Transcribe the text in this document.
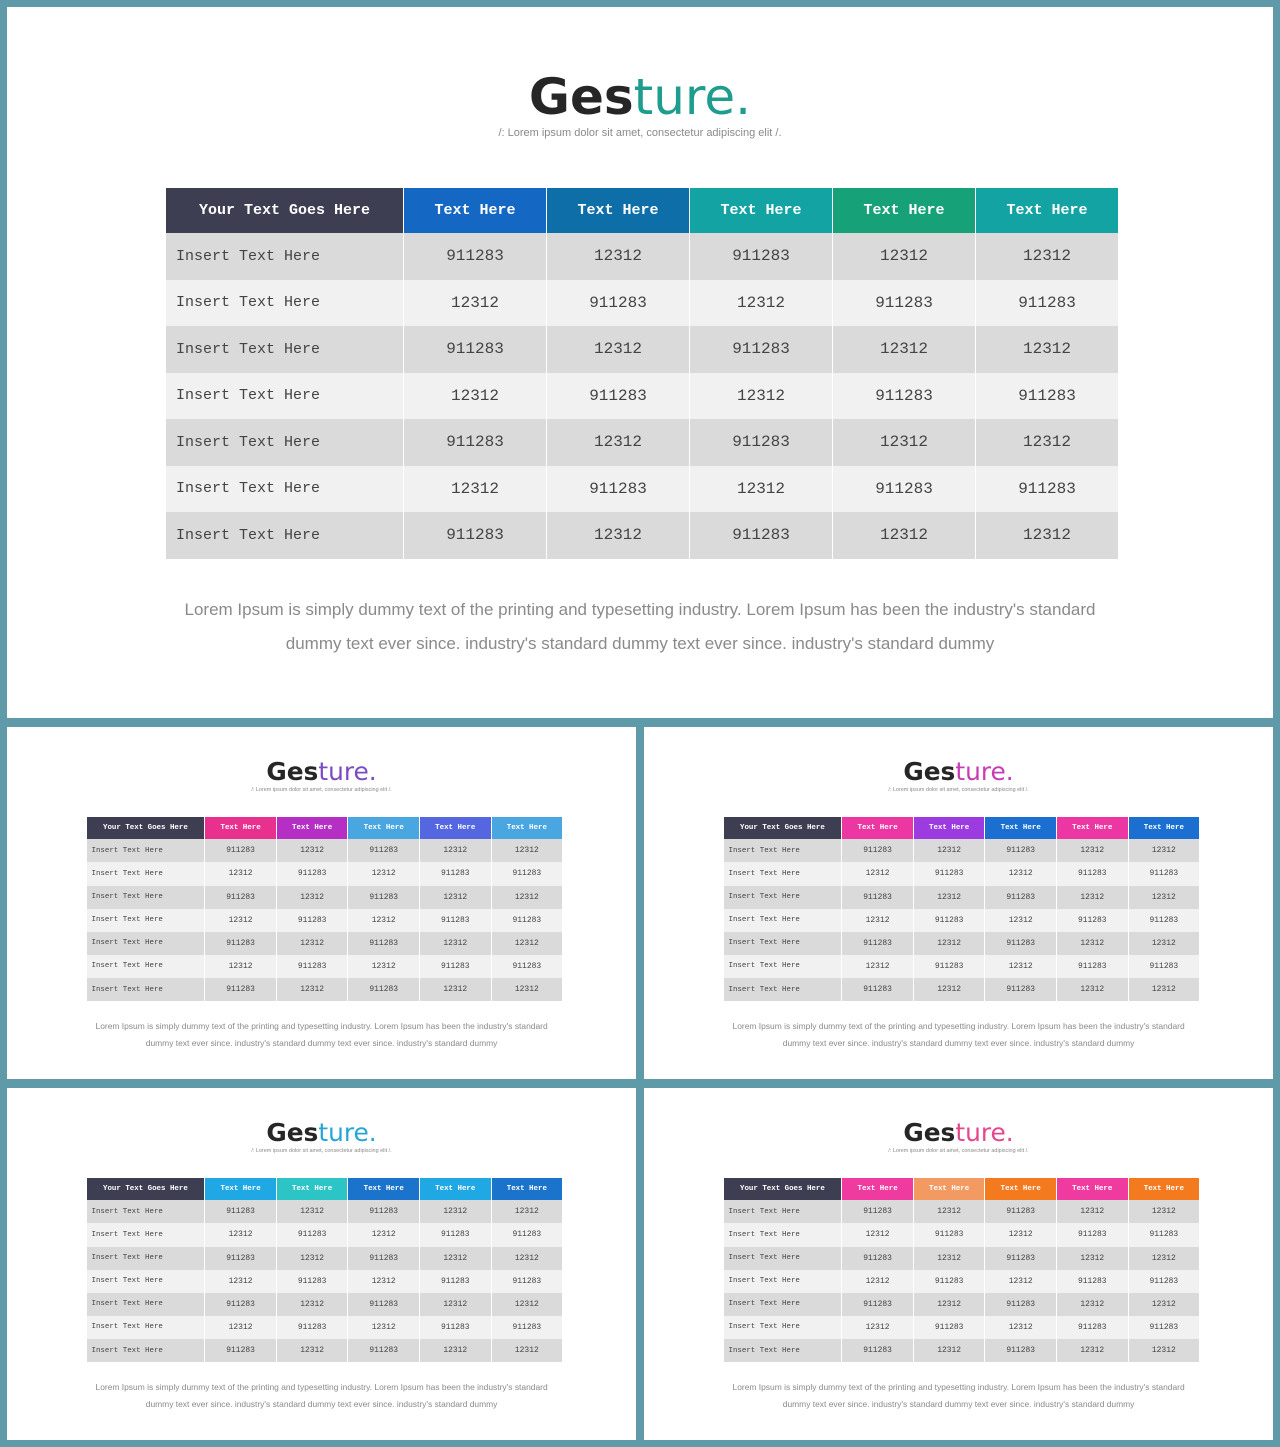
Gesture.
/: Lorem ipsum dolor sit amet, consectetur adipiscing elit /.
Your Text Goes Here	Text Here	Text Here	Text Here	Text Here	Text Here
Insert Text Here	911283	12312	911283	12312	12312
Insert Text Here	12312	911283	12312	911283	911283
Insert Text Here	911283	12312	911283	12312	12312
Insert Text Here	12312	911283	12312	911283	911283
Insert Text Here	911283	12312	911283	12312	12312
Insert Text Here	12312	911283	12312	911283	911283
Insert Text Here	911283	12312	911283	12312	12312
Lorem Ipsum is simply dummy text of the printing and typesetting industry. Lorem Ipsum has been the industry's standard dummy text ever since. industry's standard dummy text ever since. industry's standard dummy
Gesture.
/: Lorem ipsum dolor sit amet, consectetur adipiscing elit /.
Your Text Goes Here	Text Here	Text Here	Text Here	Text Here	Text Here
Insert Text Here	911283	12312	911283	12312	12312
Insert Text Here	12312	911283	12312	911283	911283
Insert Text Here	911283	12312	911283	12312	12312
Insert Text Here	12312	911283	12312	911283	911283
Insert Text Here	911283	12312	911283	12312	12312
Insert Text Here	12312	911283	12312	911283	911283
Insert Text Here	911283	12312	911283	12312	12312
Lorem Ipsum is simply dummy text of the printing and typesetting industry. Lorem Ipsum has been the industry's standard dummy text ever since. industry's standard dummy text ever since. industry's standard dummy
Gesture.
/: Lorem ipsum dolor sit amet, consectetur adipiscing elit /.
Your Text Goes Here	Text Here	Text Here	Text Here	Text Here	Text Here
Insert Text Here	911283	12312	911283	12312	12312
Insert Text Here	12312	911283	12312	911283	911283
Insert Text Here	911283	12312	911283	12312	12312
Insert Text Here	12312	911283	12312	911283	911283
Insert Text Here	911283	12312	911283	12312	12312
Insert Text Here	12312	911283	12312	911283	911283
Insert Text Here	911283	12312	911283	12312	12312
Lorem Ipsum is simply dummy text of the printing and typesetting industry. Lorem Ipsum has been the industry's standard dummy text ever since. industry's standard dummy text ever since. industry's standard dummy
Gesture.
/: Lorem ipsum dolor sit amet, consectetur adipiscing elit /.
Your Text Goes Here	Text Here	Text Here	Text Here	Text Here	Text Here
Insert Text Here	911283	12312	911283	12312	12312
Insert Text Here	12312	911283	12312	911283	911283
Insert Text Here	911283	12312	911283	12312	12312
Insert Text Here	12312	911283	12312	911283	911283
Insert Text Here	911283	12312	911283	12312	12312
Insert Text Here	12312	911283	12312	911283	911283
Insert Text Here	911283	12312	911283	12312	12312
Lorem Ipsum is simply dummy text of the printing and typesetting industry. Lorem Ipsum has been the industry's standard dummy text ever since. industry's standard dummy text ever since. industry's standard dummy
Gesture.
/: Lorem ipsum dolor sit amet, consectetur adipiscing elit /.
Your Text Goes Here	Text Here	Text Here	Text Here	Text Here	Text Here
Insert Text Here	911283	12312	911283	12312	12312
Insert Text Here	12312	911283	12312	911283	911283
Insert Text Here	911283	12312	911283	12312	12312
Insert Text Here	12312	911283	12312	911283	911283
Insert Text Here	911283	12312	911283	12312	12312
Insert Text Here	12312	911283	12312	911283	911283
Insert Text Here	911283	12312	911283	12312	12312
Lorem Ipsum is simply dummy text of the printing and typesetting industry. Lorem Ipsum has been the industry's standard dummy text ever since. industry's standard dummy text ever since. industry's standard dummy
